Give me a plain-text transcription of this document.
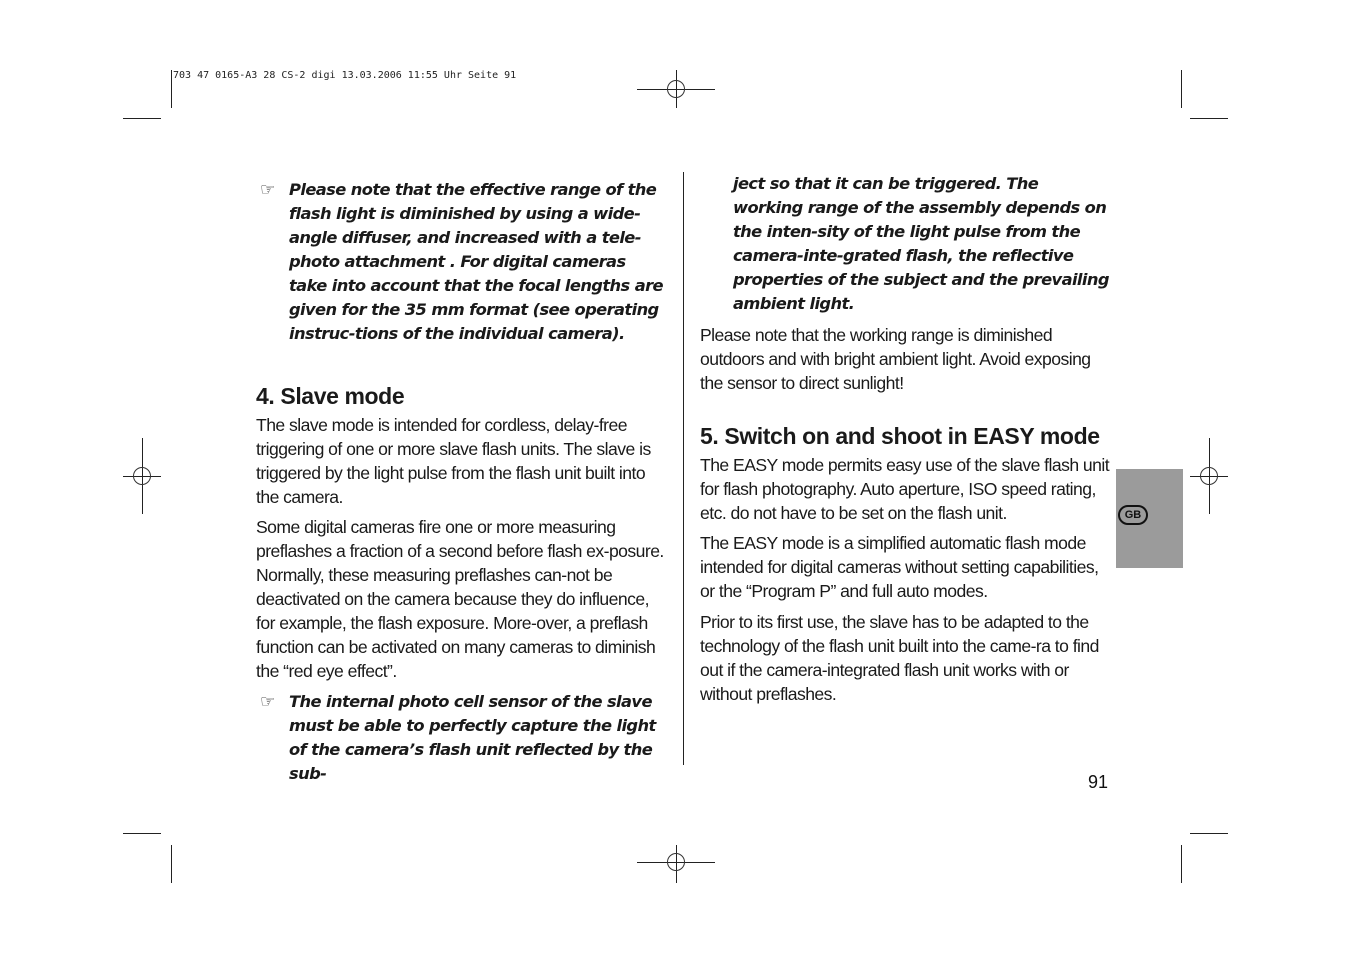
703 47 0165-A3 28 CS-2 digi 13.03.2006 11:55 Uhr Seite 91
☞ Please note that the effective range of the flash light is diminished by using a wide-angle diffuser, and increased with a tele-photo attachment . For digital cameras take into account that the focal lengths are given for the 35 mm format (see operating instruc-tions of the individual camera).
4. Slave mode

The slave mode is intended for cordless, delay-free triggering of one or more slave flash units. The slave is triggered by the light pulse from the flash unit built into the camera.

Some digital cameras fire one or more measuring preflashes a fraction of a second before flash ex-posure. Normally, these measuring preflashes can-not be deactivated on the camera because they do influence, for example, the flash exposure. More-over, a preflash function can be activated on many cameras to diminish the “red eye effect”.

☞ The internal photo cell sensor of the slave must be able to perfectly capture the light of the camera’s flash unit reflected by the sub-
ject so that it can be triggered. The working range of the assembly depends on the inten-sity of the light pulse from the camera-inte-grated flash, the reflective properties of the subject and the prevailing ambient light.

Please note that the working range is diminished outdoors and with bright ambient light. Avoid exposing the sensor to direct sunlight!

5. Switch on and shoot in EASY mode

The EASY mode permits easy use of the slave flash unit for flash photography. Auto aperture, ISO speed rating, etc. do not have to be set on the flash unit.

The EASY mode is a simplified automatic flash mode intended for digital cameras without setting capabilities, or the “Program P” and full auto modes.

Prior to its first use, the slave has to be adapted to the technology of the flash unit built into the came-ra to find out if the camera-integrated flash unit works with or without preflashes.

GB
91
